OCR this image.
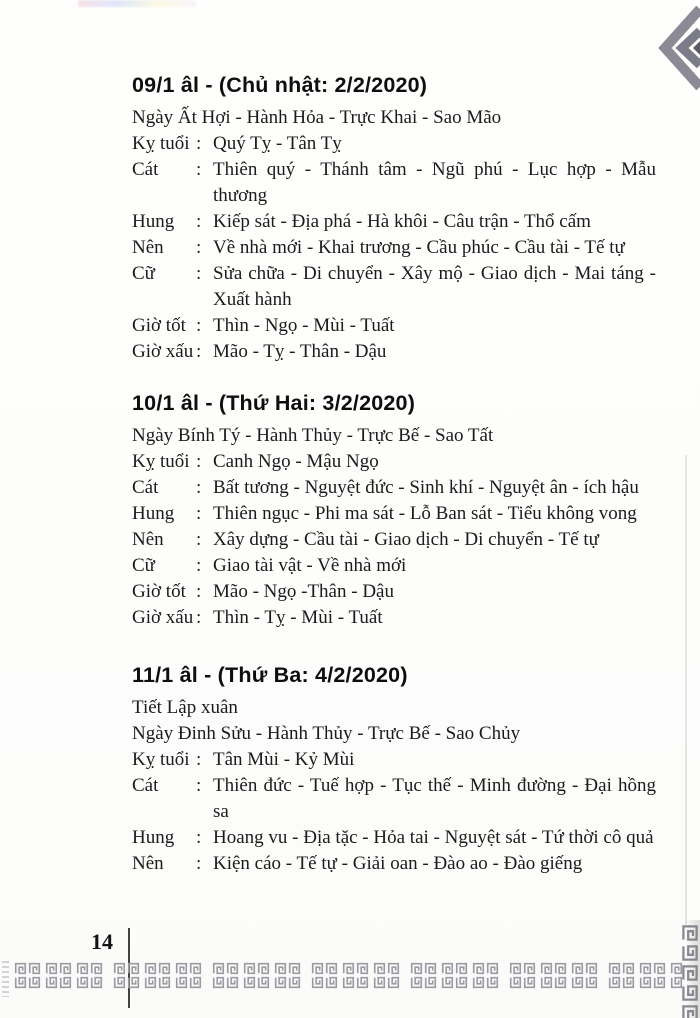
09/1 âl - (Chủ nhật: 2/2/2020)
Ngày Ất Hợi - Hành Hỏa - Trực Khai - Sao Mão
Kỵ tuổi : Quý Tỵ - Tân Tỵ
Cát	: Thiên quý - Thánh tâm - Ngũ phú - Lục hợp - Mẫu thương
Hung	: Kiếp sát - Địa phá - Hà khôi - Câu trận - Thổ cấm
Nên	: Về nhà mới - Khai trương - Cầu phúc - Cầu tài - Tế tự
Cữ	: Sửa chữa - Di chuyển - Xây mộ - Giao dịch - Mai táng - Xuất hành
Giờ tốt : Thìn - Ngọ - Mùi - Tuất
Giờ xấu : Mão - Tỵ - Thân - Dậu
10/1 âl - (Thứ Hai: 3/2/2020)
Ngày Bính Tý - Hành Thủy - Trực Bế - Sao Tất
Kỵ tuổi : Canh Ngọ - Mậu Ngọ
Cát	: Bất tương - Nguyệt đức - Sinh khí - Nguyệt ân - ích hậu
Hung	: Thiên ngục - Phi ma sát - Lỗ Ban sát - Tiểu không vong
Nên	: Xây dựng - Cầu tài - Giao dịch - Di chuyển - Tế tự
Cữ	: Giao tài vật - Về nhà mới
Giờ tốt : Mão - Ngọ -Thân - Dậu
Giờ xấu : Thìn - Tỵ - Mùi - Tuất
11/1 âl - (Thứ Ba: 4/2/2020)
Tiết Lập xuân
Ngày Đinh Sửu - Hành Thủy - Trực Bế - Sao Chủy
Kỵ tuổi : Tân Mùi - Kỷ Mùi
Cát	: Thiên đức - Tuế hợp - Tục thế - Minh đường - Đại hồng sa
Hung	: Hoang vu - Địa tặc - Hỏa tai - Nguyệt sát - Tứ thời cô quả
Nên	: Kiện cáo - Tế tự - Giải oan - Đào ao - Đào giếng
14
